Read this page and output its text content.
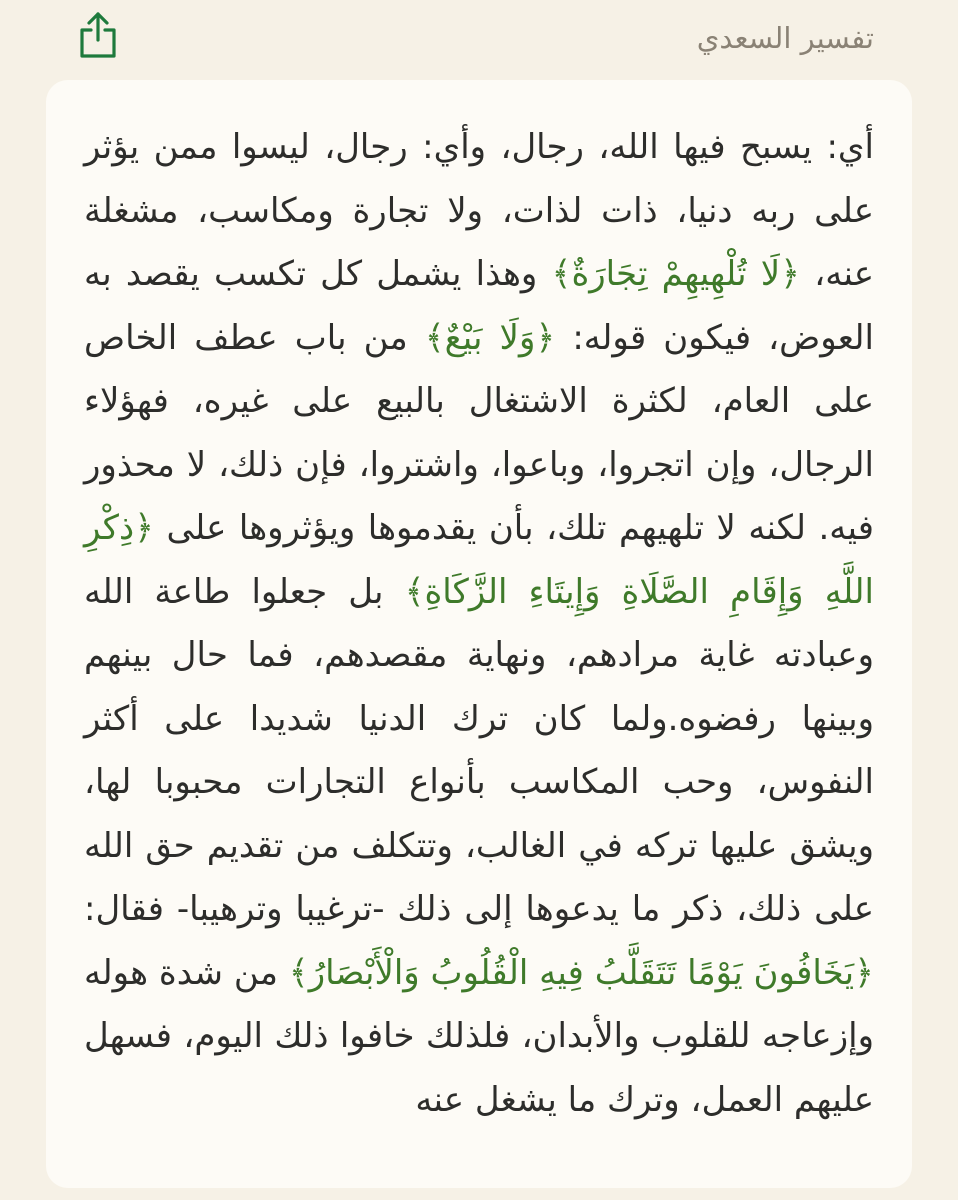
تفسير السعدي

أي: يسبح فيها الله، رجال، وأي: رجال، ليسوا ممن يؤثر على ربه دنيا، ذات لذات، ولا تجارة ومكاسب، مشغلة عنه، ﴿لَا تُلْهِيهِمْ تِجَارَةٌ﴾ وهذا يشمل كل تكسب يقصد به العوض، فيكون قوله: ﴿وَلَا بَيْعٌ﴾ من باب عطف الخاص على العام، لكثرة الاشتغال بالبيع على غيره، فهؤلاء الرجال، وإن اتجروا، وباعوا، واشتروا، فإن ذلك، لا محذور فيه. لكنه لا تلهيهم تلك، بأن يقدموها ويؤثروها على ﴿ذِكْرِ اللَّهِ وَإِقَامِ الصَّلَاةِ وَإِيتَاءِ الزَّكَاةِ﴾ بل جعلوا طاعة الله وعبادته غاية مرادهم، ونهاية مقصدهم، فما حال بينهم وبينها رفضوه.ولما كان ترك الدنيا شديدا على أكثر النفوس، وحب المكاسب بأنواع التجارات محبوبا لها، ويشق عليها تركه في الغالب، وتتكلف من تقديم حق الله على ذلك، ذكر ما يدعوها إلى ذلك -ترغيبا وترهيبا- فقال: ﴿يَخَافُونَ يَوْمًا تَتَقَلَّبُ فِيهِ الْقُلُوبُ وَالْأَبْصَارُ﴾ من شدة هوله وإزعاجه للقلوب والأبدان، فلذلك خافوا ذلك اليوم، فسهل عليهم العمل، وترك ما يشغل عنه
